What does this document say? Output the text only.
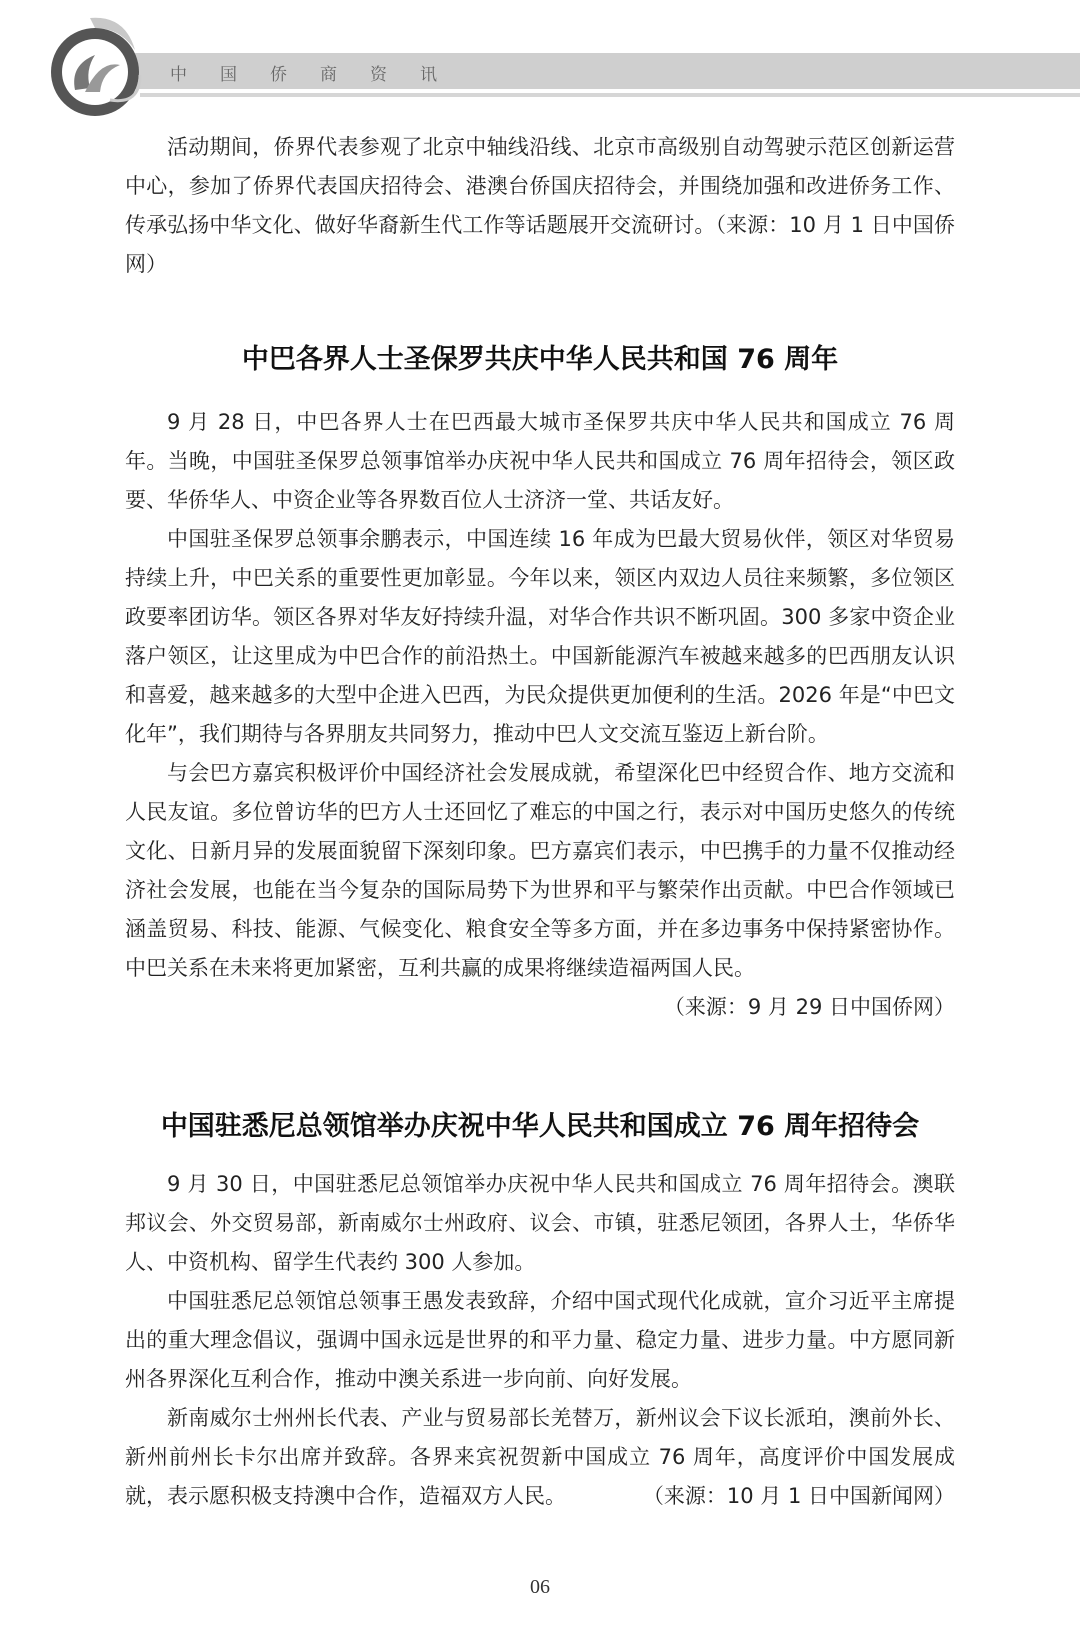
中国侨商资讯

活动期间，侨界代表参观了北京中轴线沿线、北京市高级别自动驾驶示范区创新运营中心，参加了侨界代表国庆招待会、港澳台侨国庆招待会，并围绕加强和改进侨务工作、传承弘扬中华文化、做好华裔新生代工作等话题展开交流研讨。（来源：10 月 1 日中国侨网）

中巴各界人士圣保罗共庆中华人民共和国 76 周年

9 月 28 日，中巴各界人士在巴西最大城市圣保罗共庆中华人民共和国成立 76 周年。当晚，中国驻圣保罗总领事馆举办庆祝中华人民共和国成立 76 周年招待会，领区政要、华侨华人、中资企业等各界数百位人士济济一堂、共话友好。

中国驻圣保罗总领事余鹏表示，中国连续 16 年成为巴最大贸易伙伴，领区对华贸易持续上升，中巴关系的重要性更加彰显。今年以来，领区内双边人员往来频繁，多位领区政要率团访华。领区各界对华友好持续升温，对华合作共识不断巩固。300 多家中资企业落户领区，让这里成为中巴合作的前沿热土。中国新能源汽车被越来越多的巴西朋友认识和喜爱，越来越多的大型中企进入巴西，为民众提供更加便利的生活。2026 年是“中巴文化年”，我们期待与各界朋友共同努力，推动中巴人文交流互鉴迈上新台阶。

与会巴方嘉宾积极评价中国经济社会发展成就，希望深化巴中经贸合作、地方交流和人民友谊。多位曾访华的巴方人士还回忆了难忘的中国之行，表示对中国历史悠久的传统文化、日新月异的发展面貌留下深刻印象。巴方嘉宾们表示，中巴携手的力量不仅推动经济社会发展，也能在当今复杂的国际局势下为世界和平与繁荣作出贡献。中巴合作领域已涵盖贸易、科技、能源、气候变化、粮食安全等多方面，并在多边事务中保持紧密协作。中巴关系在未来将更加紧密，互利共赢的成果将继续造福两国人民。
（来源：9 月 29 日中国侨网）

中国驻悉尼总领馆举办庆祝中华人民共和国成立 76 周年招待会

9 月 30 日，中国驻悉尼总领馆举办庆祝中华人民共和国成立 76 周年招待会。澳联邦议会、外交贸易部，新南威尔士州政府、议会、市镇，驻悉尼领团，各界人士，华侨华人、中资机构、留学生代表约 300 人参加。

中国驻悉尼总领馆总领事王愚发表致辞，介绍中国式现代化成就，宣介习近平主席提出的重大理念倡议，强调中国永远是世界的和平力量、稳定力量、进步力量。中方愿同新州各界深化互利合作，推动中澳关系进一步向前、向好发展。

新南威尔士州州长代表、产业与贸易部长羌替万，新州议会下议长派珀，澳前外长、新州前州长卡尔出席并致辞。各界来宾祝贺新中国成立 76 周年，高度评价中国发展成就，表示愿积极支持澳中合作，造福双方人民。	（来源：10 月 1 日中国新闻网）

06
